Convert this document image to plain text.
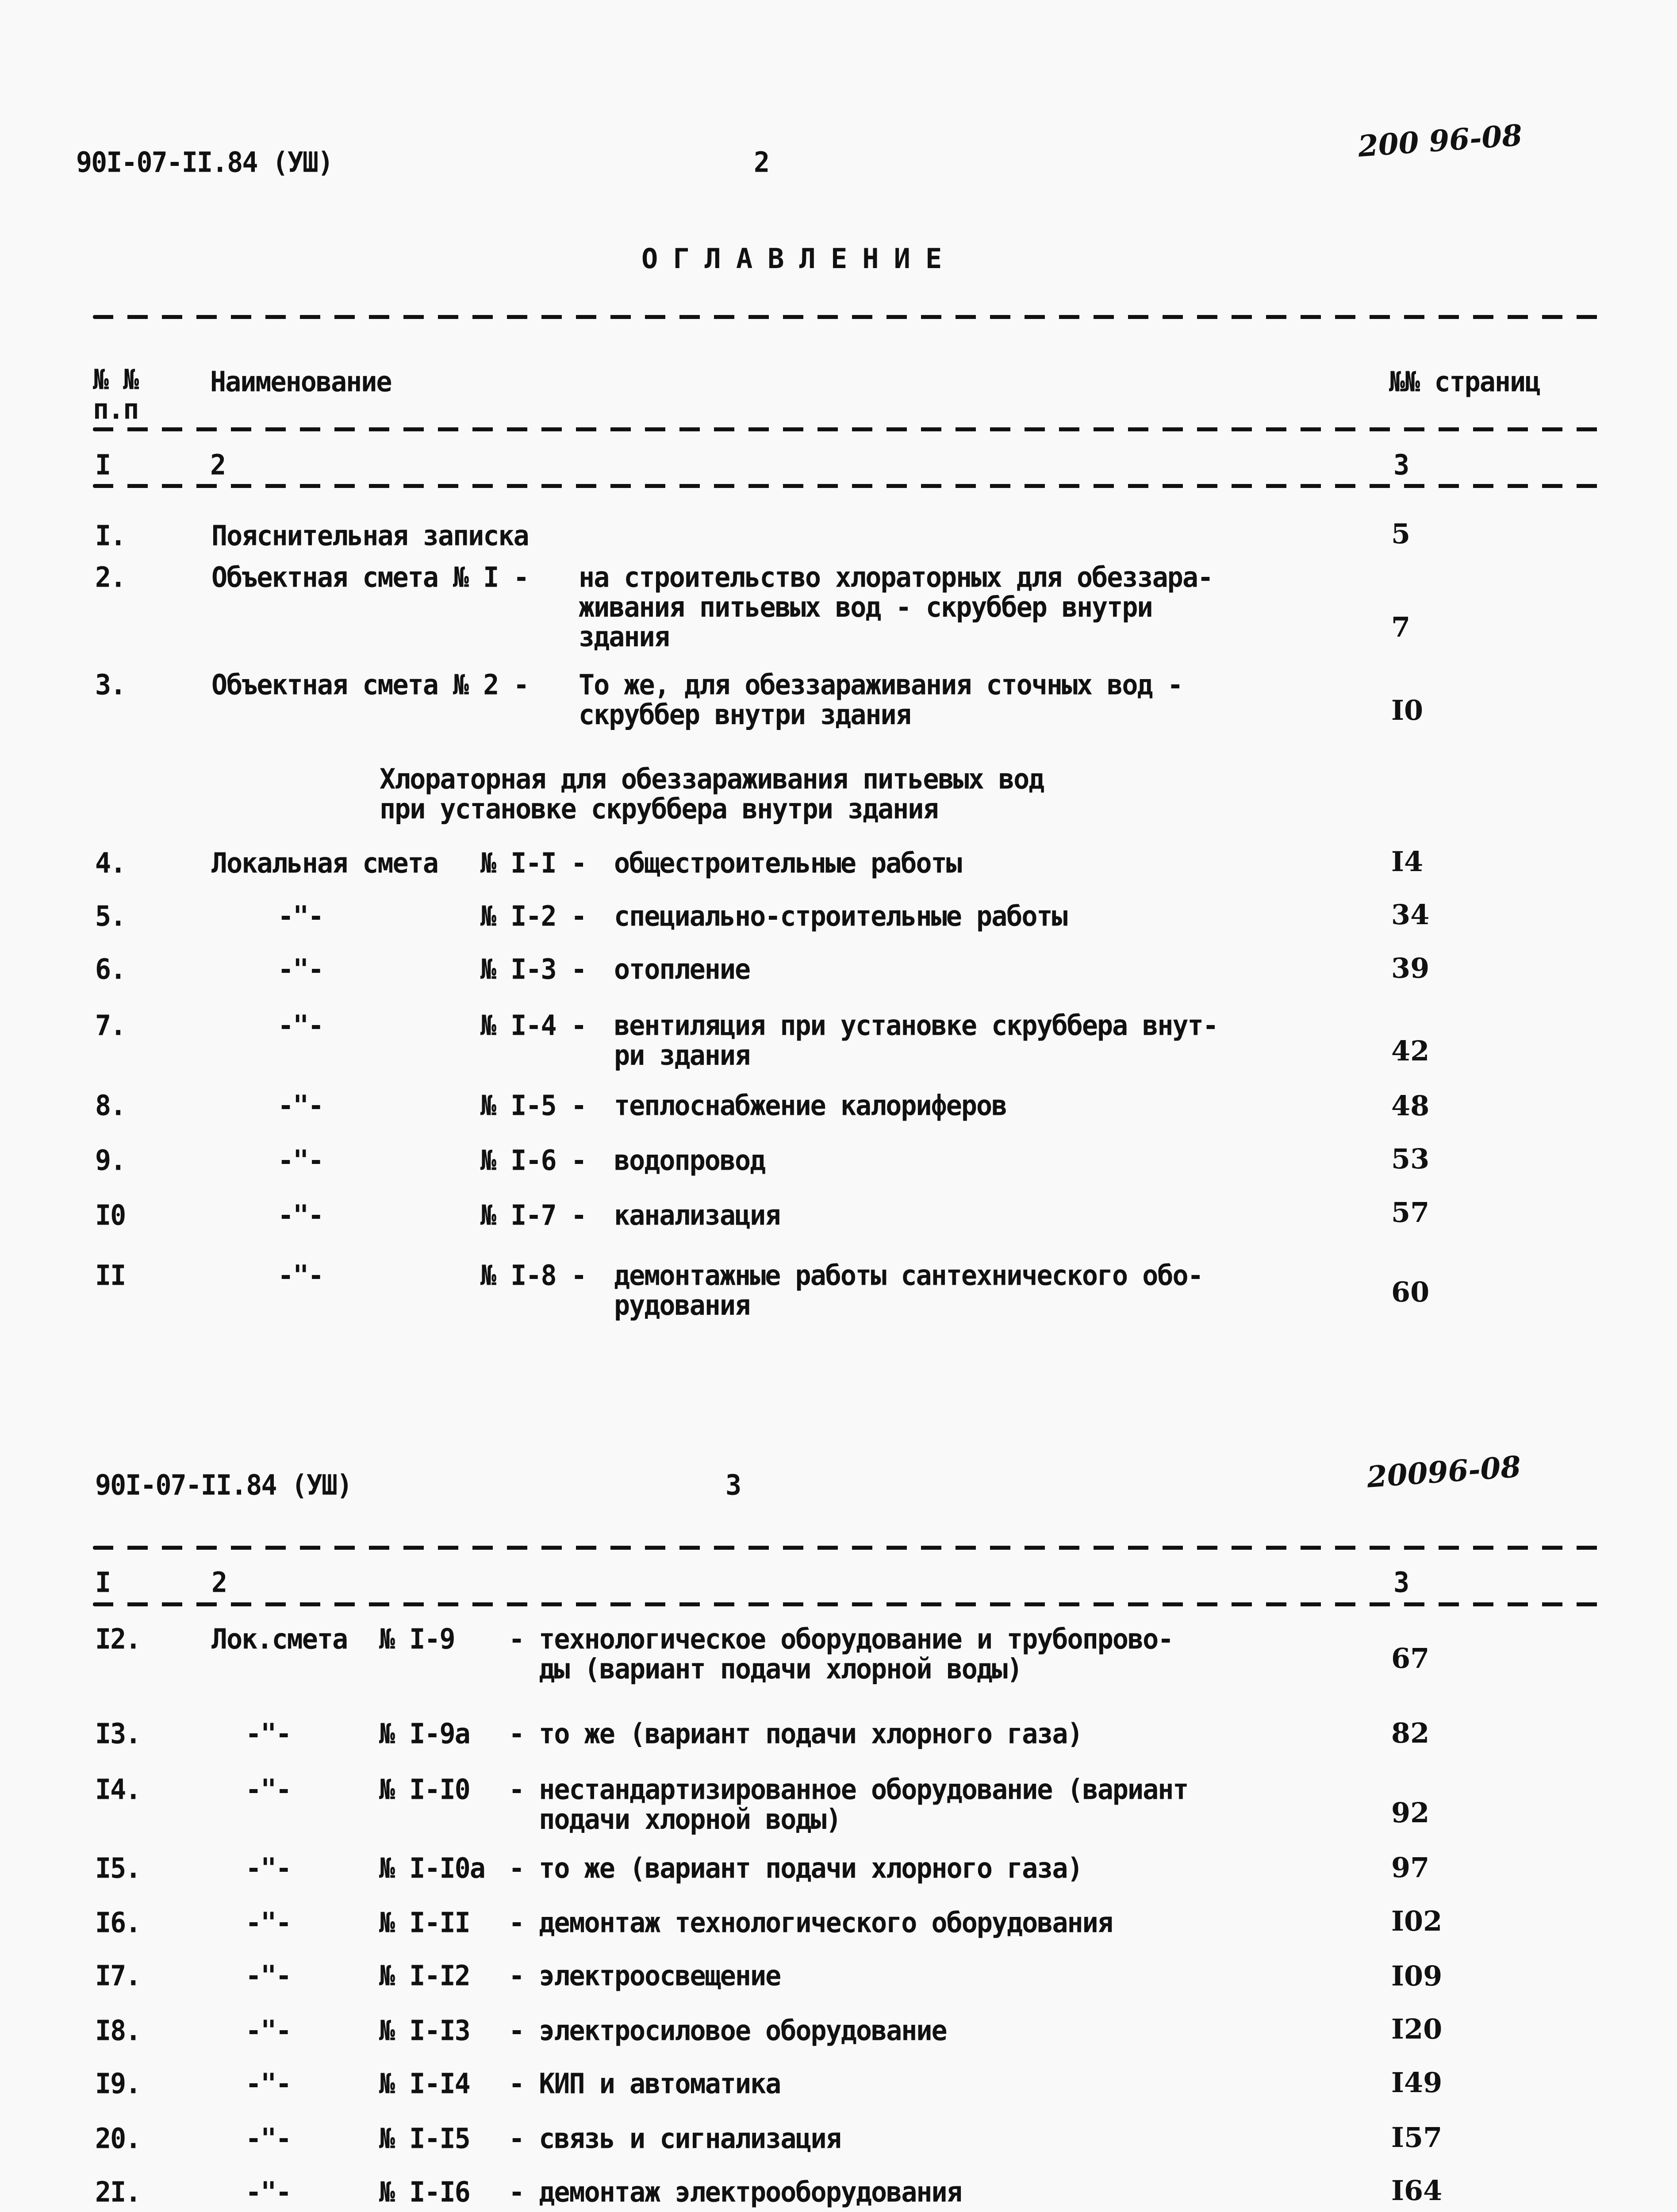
90I-07-II.84 (УШ)	2	200 96-08
ОГЛАВЛЕНИЕ
№ №
п.п
Наименование	№№ страниц
I	2	3
I.	Пояснительная записка	5
2.	Объектная смета № I - на строительство хлораторных для обеззара-
живания питьевых вод - скруббер внутри
здания	7
3.	Объектная смета № 2 - То же, для обеззараживания сточных вод -
скруббер внутри здания	I0
Хлораторная для обеззараживания питьевых вод
при установке скруббера внутри здания
4.	Локальная смета № I-I - общестроительные работы	I4
5.	-"-	№ I-2 - специально-строительные работы	34
6.	-"-	№ I-3 - отопление	39
7.	-"-	№ I-4 - вентиляция при установке скруббера внут-
ри здания	42
8.	-"-	№ I-5 - теплоснабжение калориферов	48
9.	-"-	№ I-6 - водопровод	53
I0	-"-	№ I-7 - канализация	57
II	-"-	№ I-8 - демонтажные работы сантехнического обо-
рудования	60
90I-07-II.84 (УШ)	3	20096-08
I	2	3
I2.	Лок.смета № I-9 - технологическое оборудование и трубопрово-
ды (вариант подачи хлорной воды)	67
I3.	-"-	№ I-9а - то же (вариант подачи хлорного газа)	82
I4.	-"-	№ I-I0 - нестандартизированное оборудование (вариант
подачи хлорной воды)	92
I5.	-"-	№ I-I0а - то же (вариант подачи хлорного газа)	97
I6.	-"-	№ I-II - демонтаж технологического оборудования	I02
I7.	-"-	№ I-I2 - электроосвещение	I09
I8.	-"-	№ I-I3 - электросиловое оборудование	I20
I9.	-"-	№ I-I4 - КИП и автоматика	I49
20.	-"-	№ I-I5 - связь и сигнализация	I57
2I.	-"-	№ I-I6 - демонтаж электрооборудования	I64
